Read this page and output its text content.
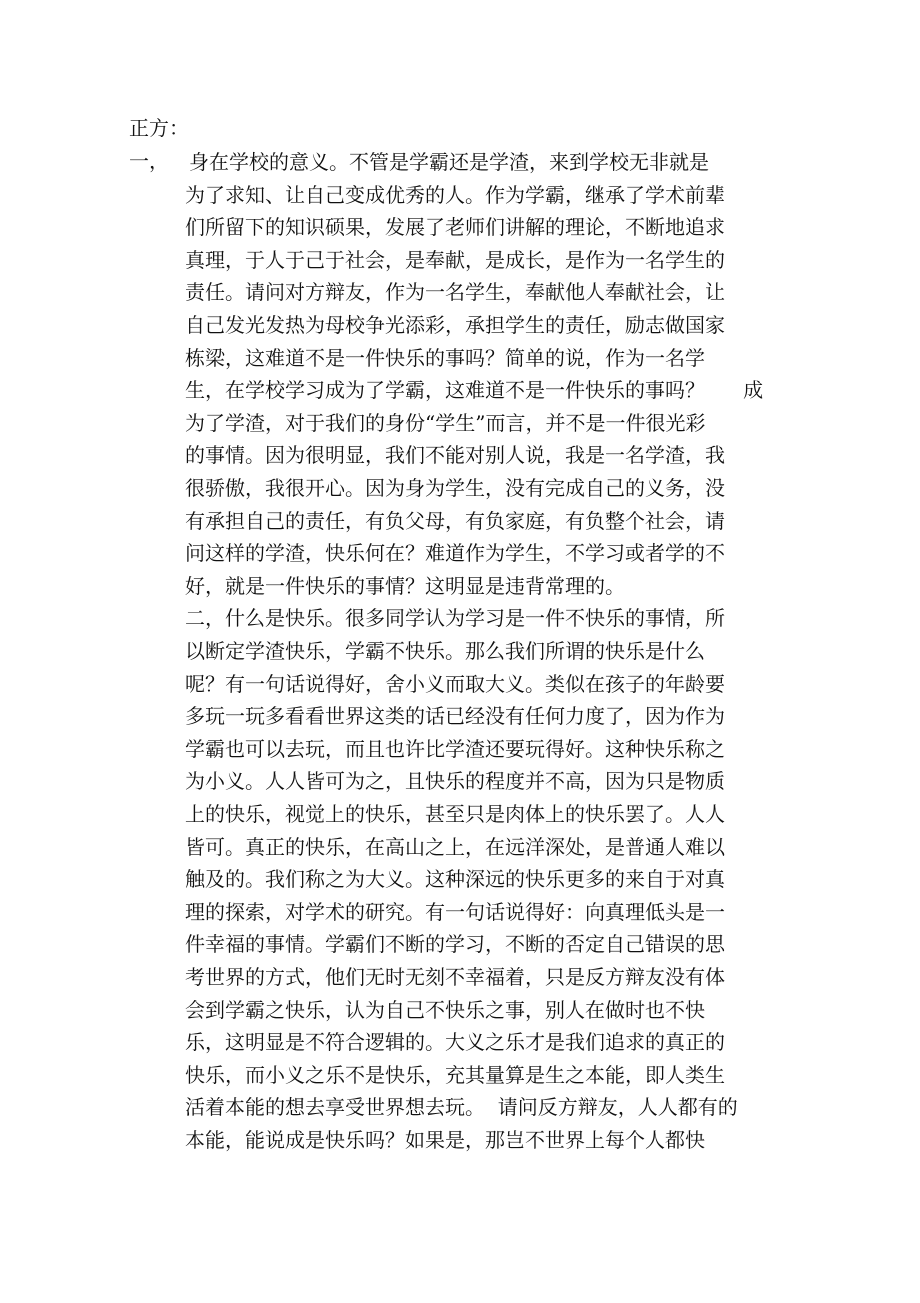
正方：
一， 身在学校的意义。不管是学霸还是学渣，来到学校无非就是
为了求知、让自己变成优秀的人。作为学霸，继承了学术前辈
们所留下的知识硕果，发展了老师们讲解的理论，不断地追求
真理，于人于己于社会，是奉献，是成长，是作为一名学生的
责任。请问对方辩友，作为一名学生，奉献他人奉献社会，让
自己发光发热为母校争光添彩，承担学生的责任，励志做国家
栋梁，这难道不是一件快乐的事吗？简单的说，作为一名学
生，在学校学习成为了学霸，这难道不是一件快乐的事吗？      成
为了学渣，对于我们的身份“学生”而言，并不是一件很光彩
的事情。因为很明显，我们不能对别人说，我是一名学渣，我
很骄傲，我很开心。因为身为学生，没有完成自己的义务，没
有承担自己的责任，有负父母，有负家庭，有负整个社会，请
问这样的学渣，快乐何在？难道作为学生，不学习或者学的不
好，就是一件快乐的事情？这明显是违背常理的。
二，什么是快乐。很多同学认为学习是一件不快乐的事情，所
以断定学渣快乐，学霸不快乐。那么我们所谓的快乐是什么
呢？有一句话说得好，舍小义而取大义。类似在孩子的年龄要
多玩一玩多看看世界这类的话已经没有任何力度了，因为作为
学霸也可以去玩，而且也许比学渣还要玩得好。这种快乐称之
为小义。人人皆可为之，且快乐的程度并不高，因为只是物质
上的快乐，视觉上的快乐，甚至只是肉体上的快乐罢了。人人
皆可。真正的快乐，在高山之上，在远洋深处，是普通人难以
触及的。我们称之为大义。这种深远的快乐更多的来自于对真
理的探索，对学术的研究。有一句话说得好：向真理低头是一
件幸福的事情。学霸们不断的学习，不断的否定自己错误的思
考世界的方式，他们无时无刻不幸福着，只是反方辩友没有体
会到学霸之快乐，认为自己不快乐之事，别人在做时也不快
乐，这明显是不符合逻辑的。大义之乐才是我们追求的真正的
快乐，而小义之乐不是快乐，充其量算是生之本能，即人类生
活着本能的想去享受世界想去玩。  请问反方辩友，人人都有的
本能，能说成是快乐吗？如果是，那岂不世界上每个人都快
